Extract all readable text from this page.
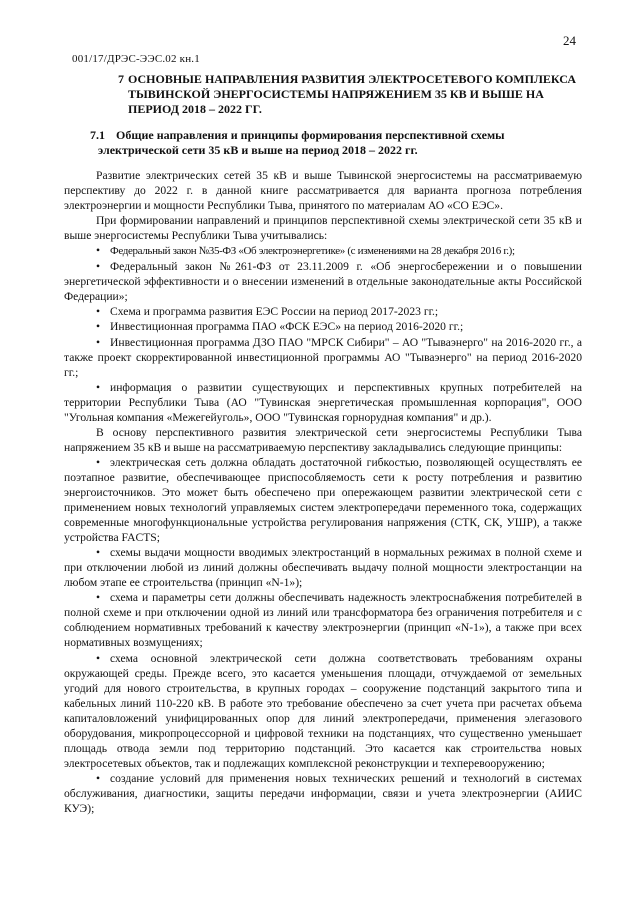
24
001/17/ДРЭС-ЭЭС.02 кн.1
7 ОСНОВНЫЕ НАПРАВЛЕНИЯ РАЗВИТИЯ ЭЛЕКТРОСЕТЕВОГО КОМПЛЕКСА ТЫВИНСКОЙ ЭНЕРГОСИСТЕМЫ НАПРЯЖЕНИЕМ 35 КВ И ВЫШЕ НА ПЕРИОД 2018 – 2022 ГГ.
7.1 Общие направления и принципы формирования перспективной схемы электрической сети 35 кВ и выше на период 2018 – 2022 гг.

Развитие электрических сетей 35 кВ и выше Тывинской энергосистемы на рассматриваемую перспективу до 2022 г. в данной книге рассматривается для варианта прогноза потребления электроэнергии и мощности Республики Тыва, принятого по материалам АО «СО ЕЭС».

При формировании направлений и принципов перспективной схемы электрической сети 35 кВ и выше энергосистемы Республики Тыва учитывались:

• Федеральный закон №35-ФЗ «Об электроэнергетике» (с изменениями на 28 декабря 2016 г.);
• Федеральный закон №261-ФЗ от 23.11.2009 г. «Об энергосбережении и о повышении энергетической эффективности и о внесении изменений в отдельные законодательные акты Российской Федерации»;
• Схема и программа развития ЕЭС России на период 2017-2023 гг.;
• Инвестиционная программа ПАО «ФСК ЕЭС» на период 2016-2020 гг.;
• Инвестиционная программа ДЗО ПАО "МРСК Сибири" – АО "Тываэнерго" на 2016-2020 гг., а также проект скорректированной инвестиционной программы АО "Тываэнерго" на период 2016-2020 гг.;
• информация о развитии существующих и перспективных крупных потребителей на территории Республики Тыва (АО "Тувинская энергетическая промышленная корпорация", ООО "Угольная компания «Межегейуголь», ООО "Тувинская горнорудная компания" и др.).

В основу перспективного развития электрической сети энергосистемы Республики Тыва напряжением 35 кВ и выше на рассматриваемую перспективу закладывались следующие принципы:

• электрическая сеть должна обладать достаточной гибкостью, позволяющей осуществлять ее поэтапное развитие, обеспечивающее приспособляемость сети к росту потребления и развитию энергоисточников. Это может быть обеспечено при опережающем развитии электрической сети с применением новых технологий управляемых систем электропередачи переменного тока, содержащих современные многофункциональные устройства регулирования напряжения (СТК, СК, УШР), а также устройства FACTS;
• схемы выдачи мощности вводимых электростанций в нормальных режимах в полной схеме и при отключении любой из линий должны обеспечивать выдачу полной мощности электростанции на любом этапе ее строительства (принцип «N-1»);
• схема и параметры сети должны обеспечивать надежность электроснабжения потребителей в полной схеме и при отключении одной из линий или трансформатора без ограничения потребителя и с соблюдением нормативных требований к качеству электроэнергии (принцип «N-1»), а также при всех нормативных возмущениях;
• схема основной электрической сети должна соответствовать требованиям охраны окружающей среды. Прежде всего, это касается уменьшения площади, отчуждаемой от земельных угодий для нового строительства, в крупных городах – сооружение подстанций закрытого типа и кабельных линий 110-220 кВ. В работе это требование обеспечено за счет учета при расчетах объема капиталовложений унифицированных опор для линий электропередачи, применения элегазового оборудования, микропроцессорной и цифровой техники на подстанциях, что существенно уменьшает площадь отвода земли под территорию подстанций. Это касается как строительства новых электросетевых объектов, так и подлежащих комплексной реконструкции и техперевооружению;
• создание условий для применения новых технических решений и технологий в системах обслуживания, диагностики, защиты передачи информации, связи и учета электроэнергии (АИИС КУЭ);
